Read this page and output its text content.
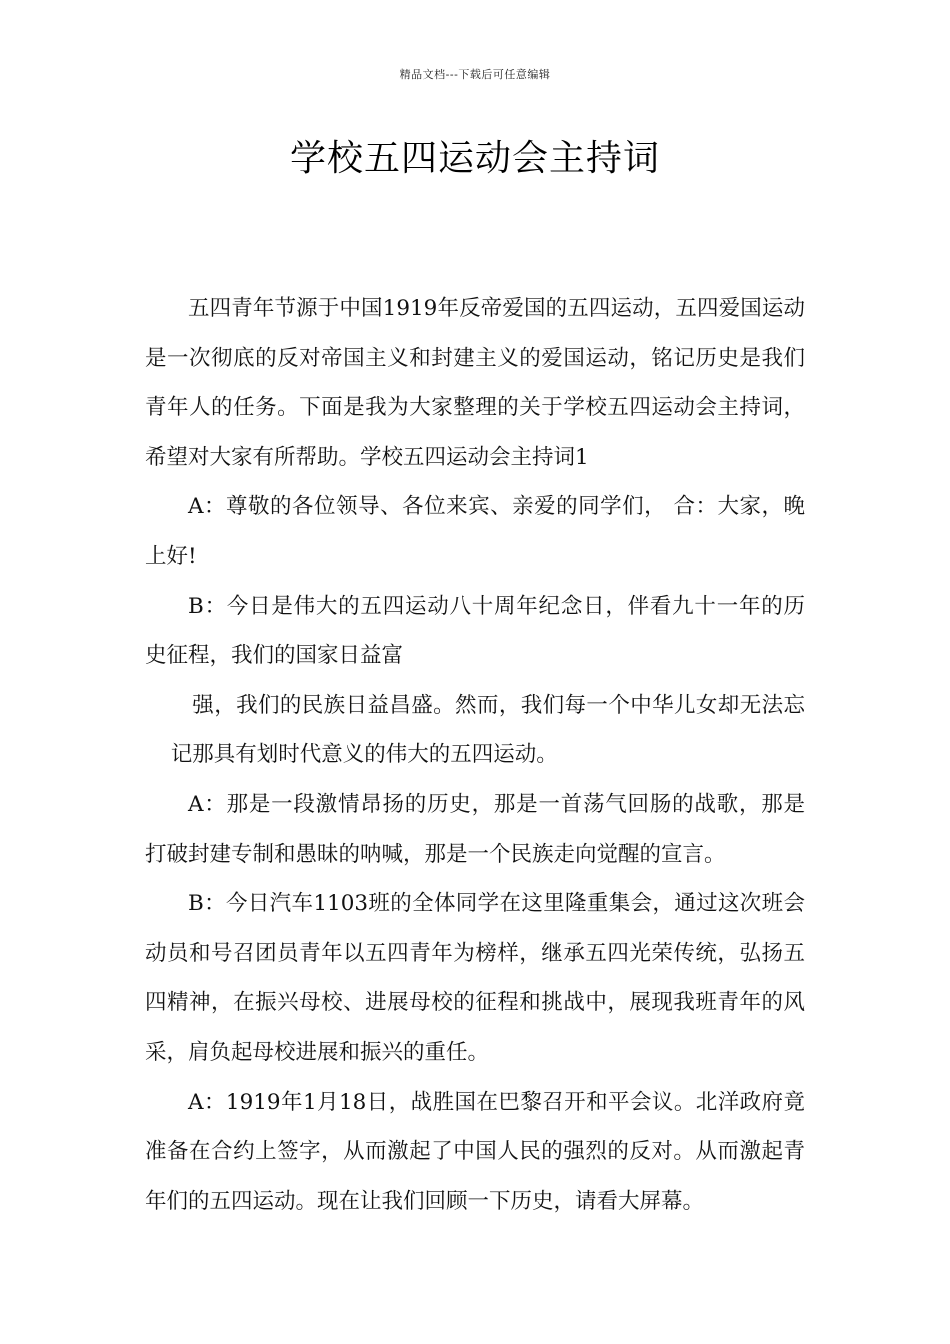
精品文档---下载后可任意编辑
学校五四运动会主持词

五四青年节源于中国1919年反帝爱国的五四运动，五四爱国运动是一次彻底的反对帝国主义和封建主义的爱国运动，铭记历史是我们青年人的任务。下面是我为大家整理的关于学校五四运动会主持词，希望对大家有所帮助。学校五四运动会主持词1

A：尊敬的各位领导、各位来宾、亲爱的同学们， 合：大家，晚上好!

B：今日是伟大的五四运动八十周年纪念日，伴看九十一年的历史征程，我们的国家日益富

强，我们的民族日益昌盛。然而，我们每一个中华儿女却无法忘记那具有划时代意义的伟大的五四运动。

A：那是一段激情昂扬的历史，那是一首荡气回肠的战歌，那是打破封建专制和愚昧的呐喊，那是一个民族走向觉醒的宣言。

B：今日汽车1103班的全体同学在这里隆重集会，通过这次班会动员和号召团员青年以五四青年为榜样，继承五四光荣传统，弘扬五四精神，在振兴母校、进展母校的征程和挑战中，展现我班青年的风采，肩负起母校进展和振兴的重任。

A：1919年1月18日，战胜国在巴黎召开和平会议。北洋政府竟准备在合约上签字，从而激起了中国人民的强烈的反对。从而激起青年们的五四运动。现在让我们回顾一下历史，请看大屏幕。
